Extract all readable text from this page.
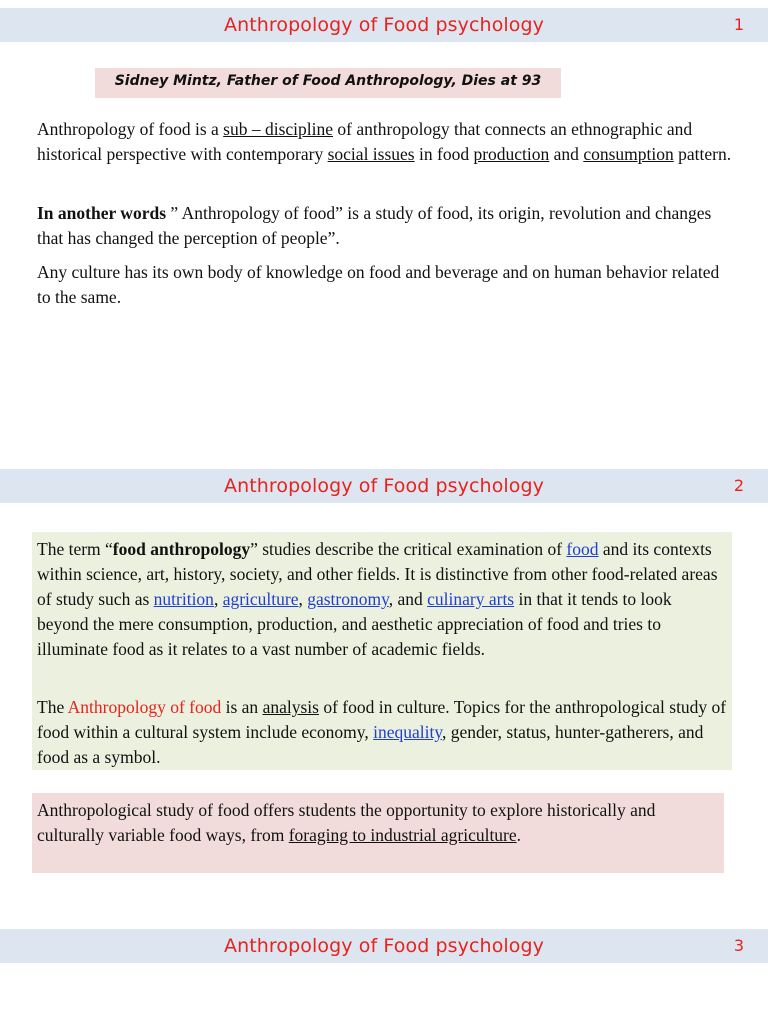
Anthropology of Food psychology	1
Sidney Mintz, Father of Food Anthropology, Dies at 93

Anthropology of food is a sub – discipline of anthropology that connects an ethnographic and historical perspective with contemporary social issues in food production and consumption pattern.

In another words ” Anthropology of food” is a study of food, its origin, revolution and changes that has changed the perception of people”.

Any culture has its own body of knowledge on food and beverage and on human behavior related to the same.

Anthropology of Food psychology	2

The term “food anthropology” studies describe the critical examination of food and its contexts within science, art, history, society, and other fields. It is distinctive from other food-related areas of study such as nutrition, agriculture, gastronomy, and culinary arts in that it tends to look beyond the mere consumption, production, and aesthetic appreciation of food and tries to illuminate food as it relates to a vast number of academic fields.

The Anthropology of food is an analysis of food in culture. Topics for the anthropological study of food within a cultural system include economy, inequality, gender, status, hunter-gatherers, and food as a symbol.

Anthropological study of food offers students the opportunity to explore historically and culturally variable food ways, from foraging to industrial agriculture.

Anthropology of Food psychology	3
